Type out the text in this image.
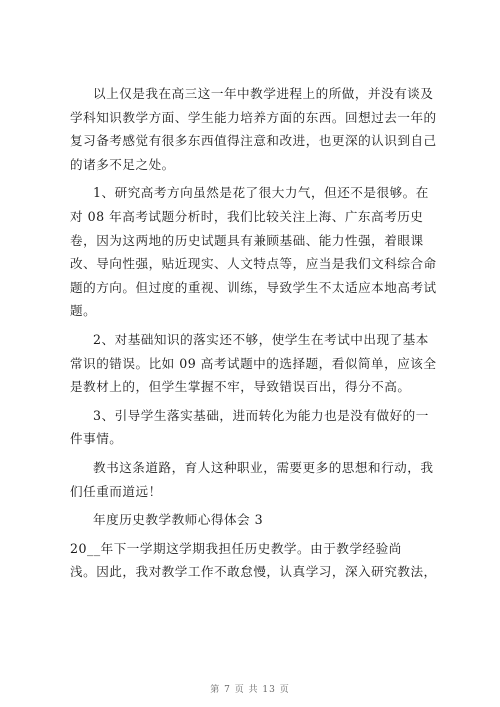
以上仅是我在高三这一年中教学进程上的所做，并没有谈及
学科知识教学方面、学生能力培养方面的东西。回想过去一年的
复习备考感觉有很多东西值得注意和改进，也更深的认识到自己
的诸多不足之处。

1、研究高考方向虽然是花了很大力气，但还不是很够。在
对 08 年高考试题分析时，我们比较关注上海、广东高考历史
卷，因为这两地的历史试题具有兼顾基础、能力性强，着眼课
改、导向性强，贴近现实、人文特点等，应当是我们文科综合命
题的方向。但过度的重视、训练，导致学生不太适应本地高考试
题。

2、对基础知识的落实还不够，使学生在考试中出现了基本
常识的错误。比如 09 高考试题中的选择题，看似简单，应该全
是教材上的，但学生掌握不牢，导致错误百出，得分不高。

3、引导学生落实基础，进而转化为能力也是没有做好的一
件事情。

教书这条道路，育人这种职业，需要更多的思想和行动，我
们任重而道远！

年度历史教学教师心得体会 3

20__年下一学期这学期我担任历史教学。由于教学经验尚
浅。因此，我对教学工作不敢怠慢，认真学习，深入研究教法，

第 7 页 共 13 页
